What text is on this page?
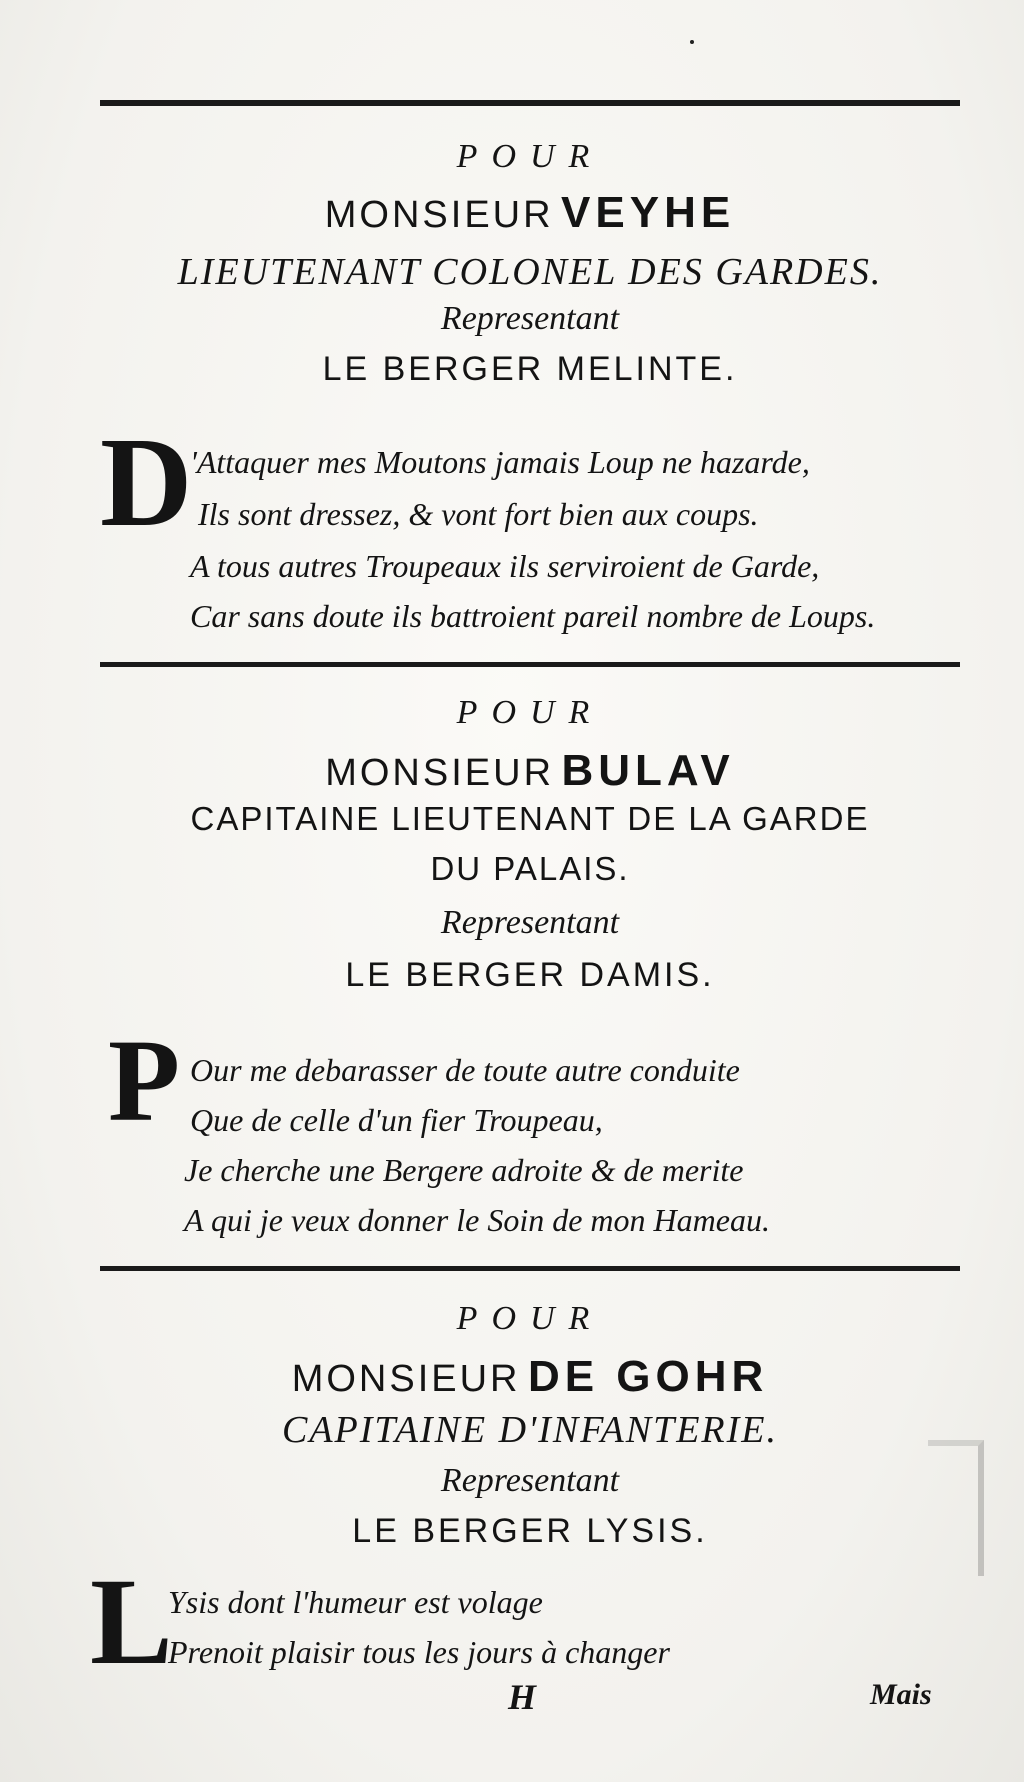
POUR
MONSIEUR VEYHE
LIEUTENANT COLONEL DES GARDES.
Representant
LE BERGER MELINTE.
D
'Attaquer mes Moutons jamais Loup ne hazarde,
Ils sont dressez, & vont fort bien aux coups.
A tous autres Troupeaux ils serviroient de Garde,
Car sans doute ils battroient pareil nombre de Loups.
POUR
MONSIEUR BULAV
CAPITAINE LIEUTENANT DE LA GARDE
DU PALAIS.
Representant
LE BERGER DAMIS.
P Our me debarasser de toute autre conduite
Que de celle d'un fier Troupeau,
Je cherche une Bergere adroite & de merite
A qui je veux donner le Soin de mon Hameau.
POUR
MONSIEUR DE GOHR
CAPITAINE D'INFANTERIE.
Representant
LE BERGER LYSIS.
L
Ysis dont l'humeur est volage
Prenoit plaisir tous les jours à changer
H	Mais
